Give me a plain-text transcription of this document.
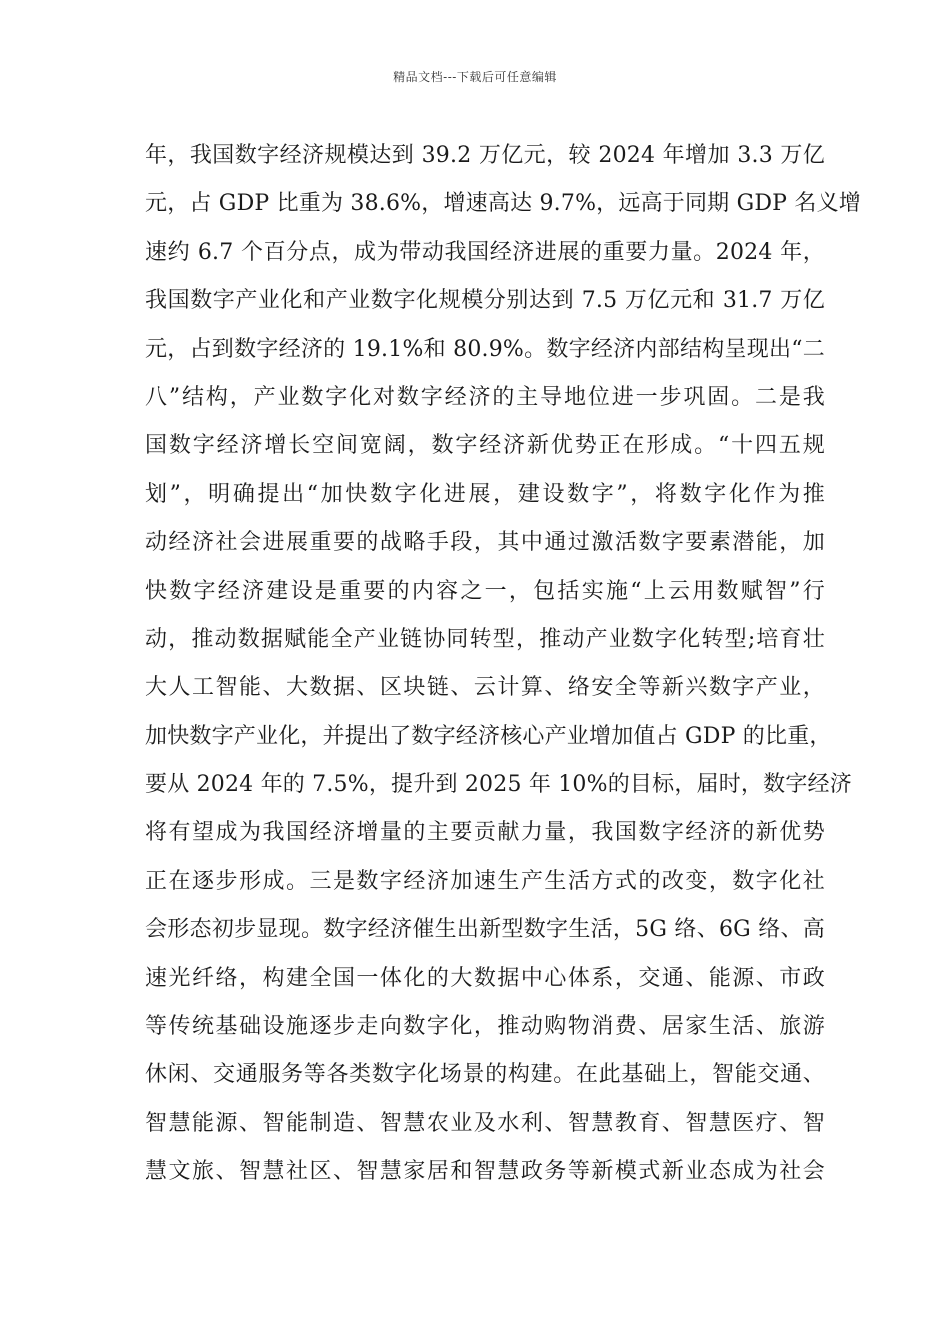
精品文档---下载后可任意编辑
年，我国数字经济规模达到 39.2 万亿元，较 2024 年增加 3.3 万亿
元，占 GDP 比重为 38.6%，增速高达 9.7%，远高于同期 GDP 名义增
速约 6.7 个百分点，成为带动我国经济进展的重要力量。2024 年，
我国数字产业化和产业数字化规模分别达到 7.5 万亿元和 31.7 万亿
元，占到数字经济的 19.1%和 80.9%。数字经济内部结构呈现出“二
八”结构，产业数字化对数字经济的主导地位进一步巩固。二是我
国数字经济增长空间宽阔，数字经济新优势正在形成。“十四五规
划”，明确提出“加快数字化进展，建设数字”，将数字化作为推
动经济社会进展重要的战略手段，其中通过激活数字要素潜能，加
快数字经济建设是重要的内容之一，包括实施“上云用数赋智”行
动，推动数据赋能全产业链协同转型，推动产业数字化转型;培育壮
大人工智能、大数据、区块链、云计算、络安全等新兴数字产业，
加快数字产业化，并提出了数字经济核心产业增加值占 GDP 的比重，
要从 2024 年的 7.5%，提升到 2025 年 10%的目标，届时，数字经济
将有望成为我国经济增量的主要贡献力量，我国数字经济的新优势
正在逐步形成。三是数字经济加速生产生活方式的改变，数字化社
会形态初步显现。数字经济催生出新型数字生活，5G 络、6G 络、高
速光纤络，构建全国一体化的大数据中心体系，交通、能源、市政
等传统基础设施逐步走向数字化，推动购物消费、居家生活、旅游
休闲、交通服务等各类数字化场景的构建。在此基础上，智能交通、
智慧能源、智能制造、智慧农业及水利、智慧教育、智慧医疗、智
慧文旅、智慧社区、智慧家居和智慧政务等新模式新业态成为社会
